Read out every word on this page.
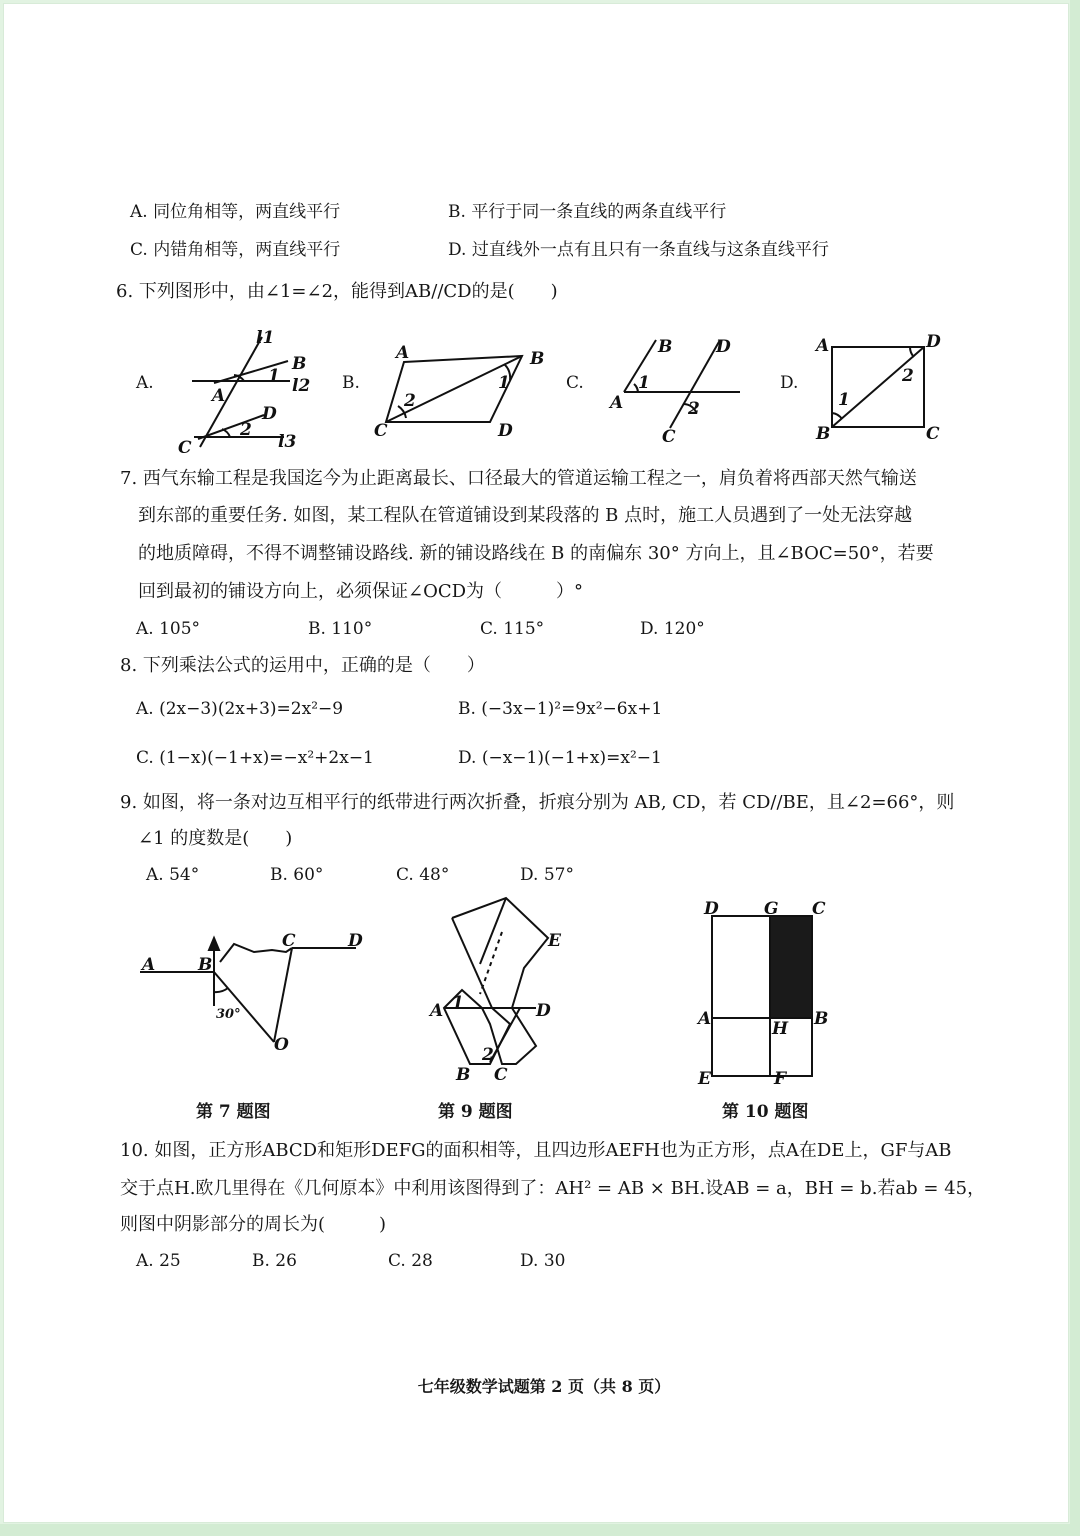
A. 同位角相等，两直线平行	B. 平行于同一条直线的两条直线平行
C. 内错角相等，两直线平行	D. 过直线外一点有且只有一条直线与这条直线平行
6. 下列图形中，由∠1=∠2，能得到AB//CD的是(　　)
A.
l1
B
1 l2
A
D
2
C	l3
B.
A	B
1
2
C	D
C.
B	D
1
A	2
C
D.
A	D
2
1
B	C
7. 西气东输工程是我国迄今为止距离最长、口径最大的管道运输工程之一，肩负着将西部天然气输送
到东部的重要任务. 如图，某工程队在管道铺设到某段落的 B 点时，施工人员遇到了一处无法穿越
的地质障碍，不得不调整铺设路线. 新的铺设路线在 B 的南偏东 30° 方向上，且∠BOC=50°，若要
回到最初的铺设方向上，必须保证∠OCD为（　　　）°
A. 105°	B. 110°	C. 115°	D. 120°
8. 下列乘法公式的运用中，正确的是（　　）
A. (2x−3)(2x+3)=2x²−9	B. (−3x−1)²=9x²−6x+1
C. (1−x)(−1+x)=−x²+2x−1	D. (−x−1)(−1+x)=x²−1
9. 如图，将一条对边互相平行的纸带进行两次折叠，折痕分别为 AB, CD，若 CD//BE，且∠2=66°，则
∠1 的度数是(　　)
A. 54°	B. 60°	C. 48°	D. 57°
A	B
C	D
30°
O
E
A 1	D
2
B C
D	G C
A	H B
E	F
第 7 题图	第 9 题图	第 10 题图
10. 如图，正方形ABCD和矩形DEFG的面积相等，且四边形AEFH也为正方形，点A在DE上，GF与AB
交于点H.欧几里得在《几何原本》中利用该图得到了：AH² = AB × BH.设AB = a，BH = b.若ab = 45，
则图中阴影部分的周长为(　　　)
A. 25	B. 26	C. 28	D. 30
七年级数学试题第 2 页（共 8 页）
